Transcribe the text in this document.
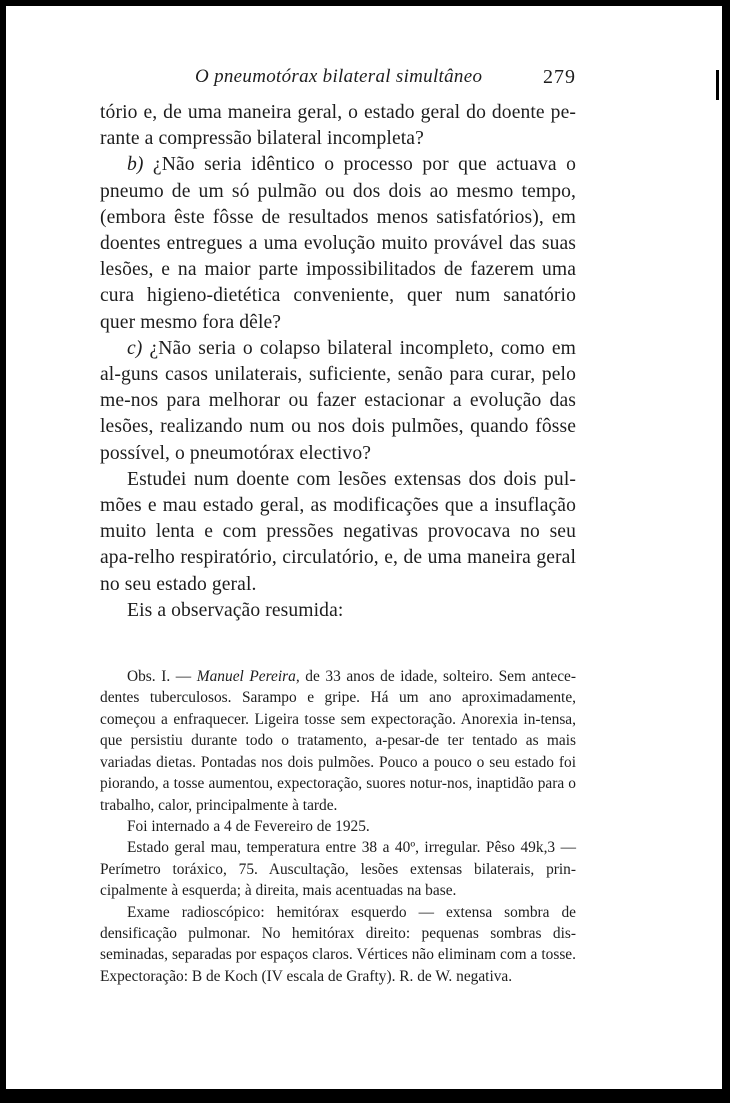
O pneumotórax bilateral simultâneo	279

tório e, de uma maneira geral, o estado geral do doente pe-rante a compressão bilateral incompleta?

b) ¿Não seria idêntico o processo por que actuava o pneumo de um só pulmão ou dos dois ao mesmo tempo, (embora êste fôsse de resultados menos satisfatórios), em doentes entregues a uma evolução muito provável das suas lesões, e na maior parte impossibilitados de fazerem uma cura higieno-dietética conveniente, quer num sanatório quer mesmo fora dêle?

c) ¿Não seria o colapso bilateral incompleto, como em al-guns casos unilaterais, suficiente, senão para curar, pelo me-nos para melhorar ou fazer estacionar a evolução das lesões, realizando num ou nos dois pulmões, quando fôsse possível, o pneumotórax electivo?

Estudei num doente com lesões extensas dos dois pul-mões e mau estado geral, as modificações que a insuflação muito lenta e com pressões negativas provocava no seu apa-relho respiratório, circulatório, e, de uma maneira geral no seu estado geral.

Eis a observação resumida:

Obs. I. — Manuel Pereira, de 33 anos de idade, solteiro. Sem antece-dentes tuberculosos. Sarampo e gripe. Há um ano aproximadamente, começou a enfraquecer. Ligeira tosse sem expectoração. Anorexia in-tensa, que persistiu durante todo o tratamento, a-pesar-de ter tentado as mais variadas dietas. Pontadas nos dois pulmões. Pouco a pouco o seu estado foi piorando, a tosse aumentou, expectoração, suores notur-nos, inaptidão para o trabalho, calor, principalmente à tarde.

Foi internado a 4 de Fevereiro de 1925.

Estado geral mau, temperatura entre 38 a 40º, irregular. Pêso 49k,3 —Perímetro toráxico, 75. Auscultação, lesões extensas bilaterais, prin-cipalmente à esquerda; à direita, mais acentuadas na base.

Exame radioscópico: hemitórax esquerdo — extensa sombra de densificação pulmonar. No hemitórax direito: pequenas sombras dis-seminadas, separadas por espaços claros. Vértices não eliminam com a tosse. Expectoração: B de Koch (IV escala de Grafty). R. de W. negativa.
